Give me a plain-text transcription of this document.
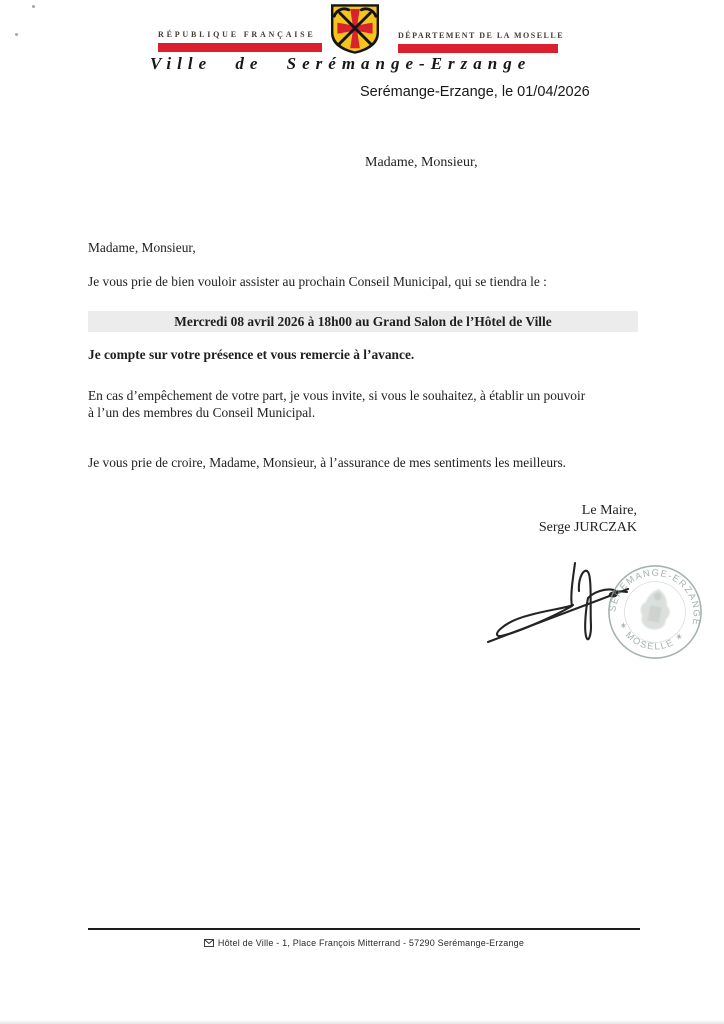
RÉPUBLIQUE FRANÇAISE	DÉPARTEMENT DE LA MOSELLE
Ville de Serémange-Erzange
Serémange-Erzange, le 01/04/2026
Madame, Monsieur,
Madame, Monsieur,
Je vous prie de bien vouloir assister au prochain Conseil Municipal, qui se tiendra le :
Mercredi 08 avril 2026 à 18h00 au Grand Salon de l’Hôtel de Ville
Je compte sur votre présence et vous remercie à l’avance.
En cas d’empêchement de votre part, je vous invite, si vous le souhaitez, à établir un pouvoir
à l’un des membres du Conseil Municipal.
Je vous prie de croire, Madame, Monsieur, à l’assurance de mes sentiments les meilleurs.
Le Maire,
Serge JURCZAK
SEREMANGE-ERZANGE
✶ MOSELLE ✶
Hôtel de Ville - 1, Place François Mitterrand - 57290 Serémange-Erzange
